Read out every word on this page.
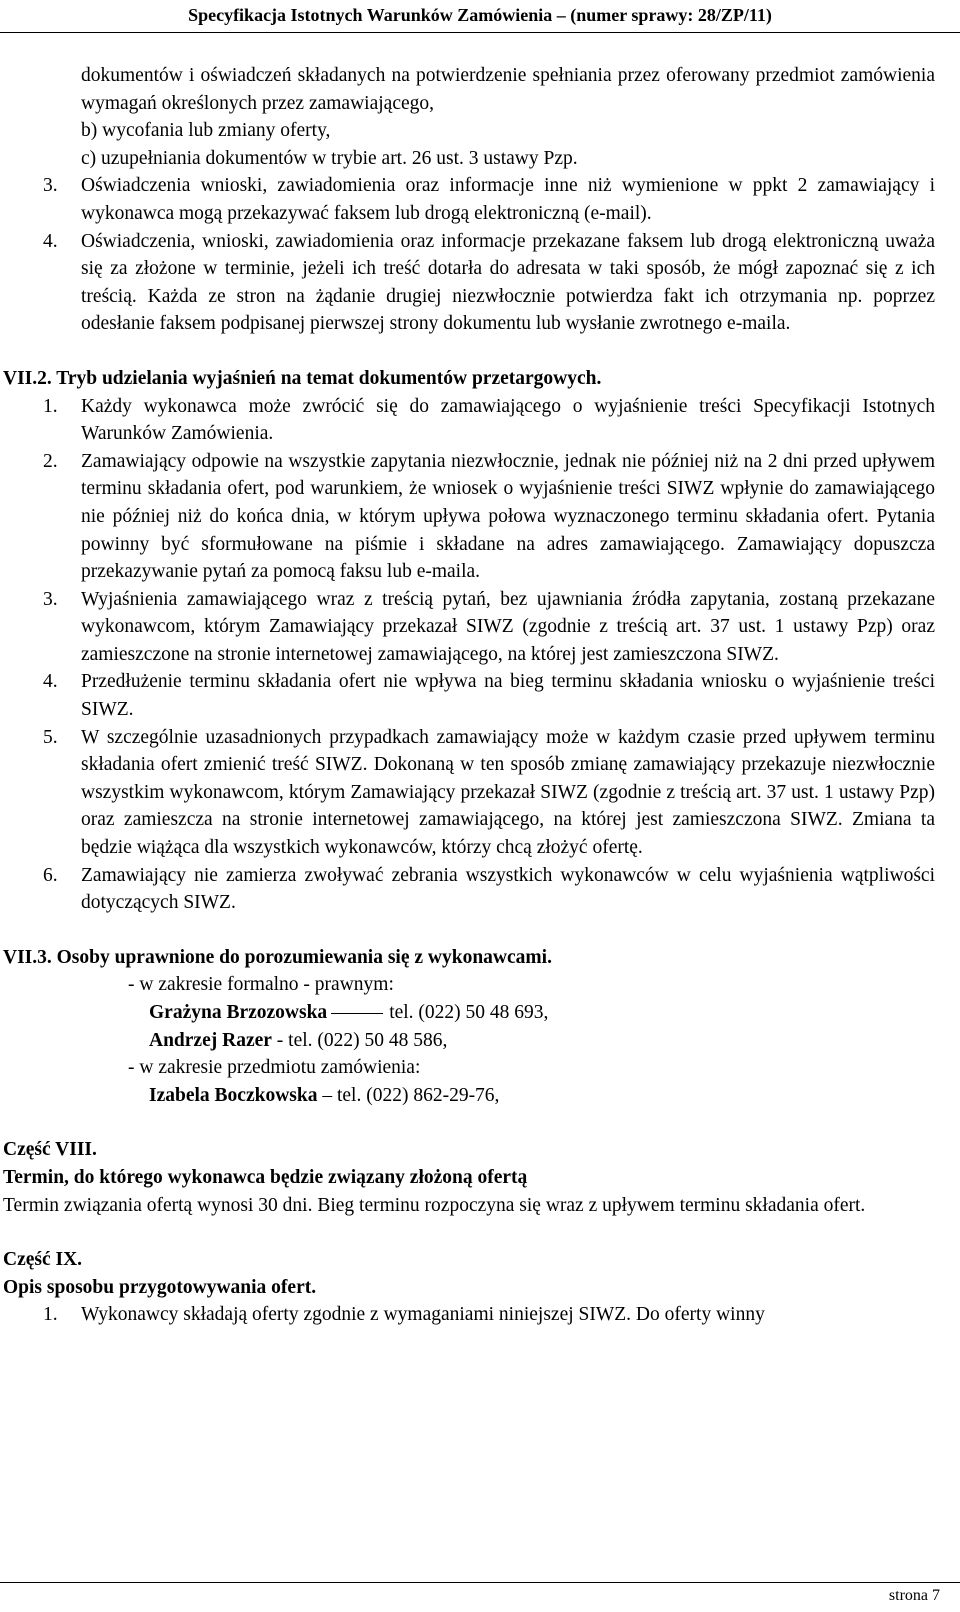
Specyfikacja Istotnych Warunków Zamówienia – (numer sprawy: 28/ZP/11)

dokumentów i oświadczeń składanych na potwierdzenie spełniania przez oferowany przedmiot zamówienia wymagań określonych przez zamawiającego,

b) wycofania lub zmiany oferty,

c) uzupełniania dokumentów w trybie art. 26 ust. 3 ustawy Pzp.

3. Oświadczenia wnioski, zawiadomienia oraz informacje inne niż wymienione w ppkt 2 zamawiający i wykonawca mogą przekazywać faksem lub drogą elektroniczną (e-mail).

4. Oświadczenia, wnioski, zawiadomienia oraz informacje przekazane faksem lub drogą elektroniczną uważa się za złożone w terminie, jeżeli ich treść dotarła do adresata w taki sposób, że mógł zapoznać się z ich treścią. Każda ze stron na żądanie drugiej niezwłocznie potwierdza fakt ich otrzymania np. poprzez odesłanie faksem podpisanej pierwszej strony dokumentu lub wysłanie zwrotnego e-maila.

VII.2. Tryb udzielania wyjaśnień na temat dokumentów przetargowych.

1. Każdy wykonawca może zwrócić się do zamawiającego o wyjaśnienie treści Specyfikacji Istotnych Warunków Zamówienia.

2. Zamawiający odpowie na wszystkie zapytania niezwłocznie, jednak nie później niż na 2 dni przed upływem terminu składania ofert, pod warunkiem, że wniosek o wyjaśnienie treści SIWZ wpłynie do zamawiającego nie później niż do końca dnia, w którym upływa połowa wyznaczonego terminu składania ofert. Pytania powinny być sformułowane na piśmie i składane na adres zamawiającego. Zamawiający dopuszcza przekazywanie pytań za pomocą faksu lub e-maila.

3. Wyjaśnienia zamawiającego wraz z treścią pytań, bez ujawniania źródła zapytania, zostaną przekazane wykonawcom, którym Zamawiający przekazał SIWZ (zgodnie z treścią art. 37 ust. 1 ustawy Pzp) oraz zamieszczone na stronie internetowej zamawiającego, na której jest zamieszczona SIWZ.

4. Przedłużenie terminu składania ofert nie wpływa na bieg terminu składania wniosku o wyjaśnienie treści SIWZ.

5. W szczególnie uzasadnionych przypadkach zamawiający może w każdym czasie przed upływem terminu składania ofert zmienić treść SIWZ. Dokonaną w ten sposób zmianę zamawiający przekazuje niezwłocznie wszystkim wykonawcom, którym Zamawiający przekazał SIWZ (zgodnie z treścią art. 37 ust. 1 ustawy Pzp) oraz zamieszcza na stronie internetowej zamawiającego, na której jest zamieszczona SIWZ. Zmiana ta będzie wiążąca dla wszystkich wykonawców, którzy chcą złożyć ofertę.

6. Zamawiający nie zamierza zwoływać zebrania wszystkich wykonawców w celu wyjaśnienia wątpliwości dotyczących SIWZ.

VII.3. Osoby uprawnione do porozumiewania się z wykonawcami.

- w zakresie formalno - prawnym:

Grażyna Brzozowska	tel. (022) 50 48 693,

Andrzej Razer - tel. (022) 50 48 586,

- w zakresie przedmiotu zamówienia:

Izabela Boczkowska – tel. (022) 862-29-76,

Część VIII.

Termin, do którego wykonawca będzie związany złożoną ofertą

Termin związania ofertą wynosi 30 dni. Bieg terminu rozpoczyna się wraz z upływem terminu składania ofert.

Część IX.

Opis sposobu przygotowywania ofert.

1. Wykonawcy składają oferty zgodnie z wymaganiami niniejszej SIWZ. Do oferty winny

strona 7
